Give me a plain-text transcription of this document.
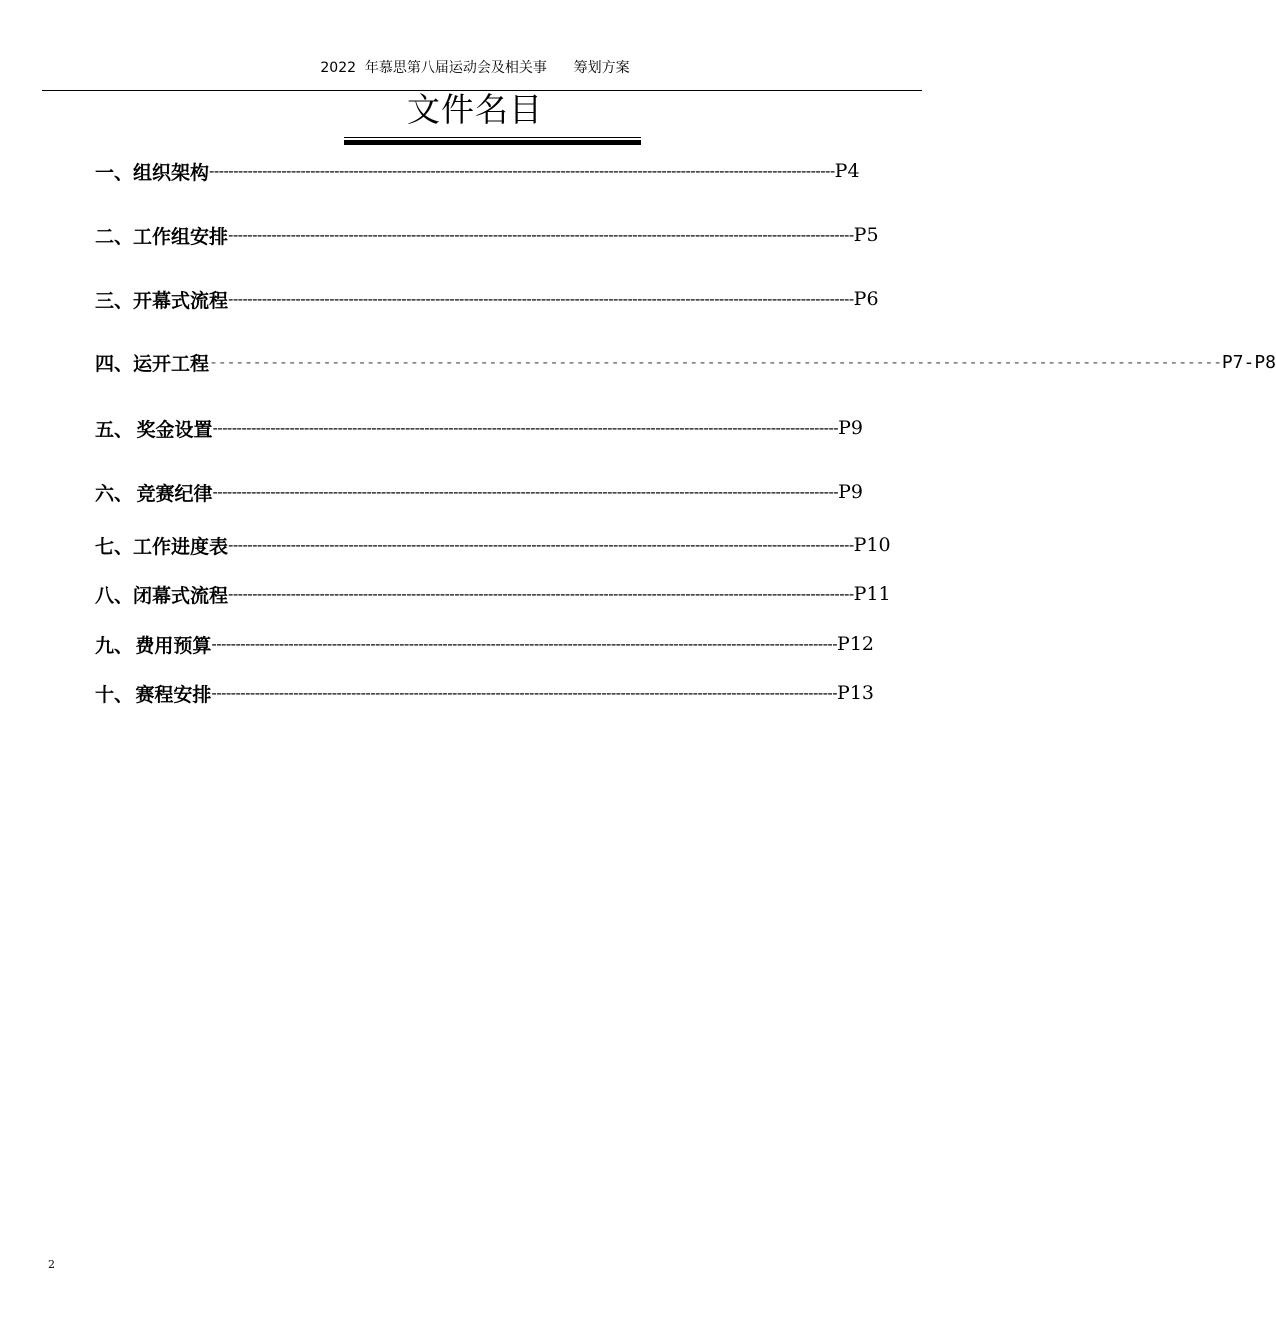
2022  年慕思第八届运动会及相关事      筹划方案
文件名目
一、 组织架构 ---------------------------------------------------------------------------------------------------------------------------------- P4
二、 工作组安排 ---------------------------------------------------------------------------------------------------------------------------------- P5
三、 开幕式流程 ---------------------------------------------------------------------------------------------------------------------------------- P6
四、 运开工程 -------------------------------------------------------------------------------------------------------------------- P7-P8
五、 奖金设置 ---------------------------------------------------------------------------------------------------------------------------------- P9
六、 竞赛纪律 ---------------------------------------------------------------------------------------------------------------------------------- P9
七、 工作进度表 ---------------------------------------------------------------------------------------------------------------------------------- P10
八、 闭幕式流程 ---------------------------------------------------------------------------------------------------------------------------------- P11
九、 费用预算 ---------------------------------------------------------------------------------------------------------------------------------- P12
十、 赛程安排 ---------------------------------------------------------------------------------------------------------------------------------- P13
2
